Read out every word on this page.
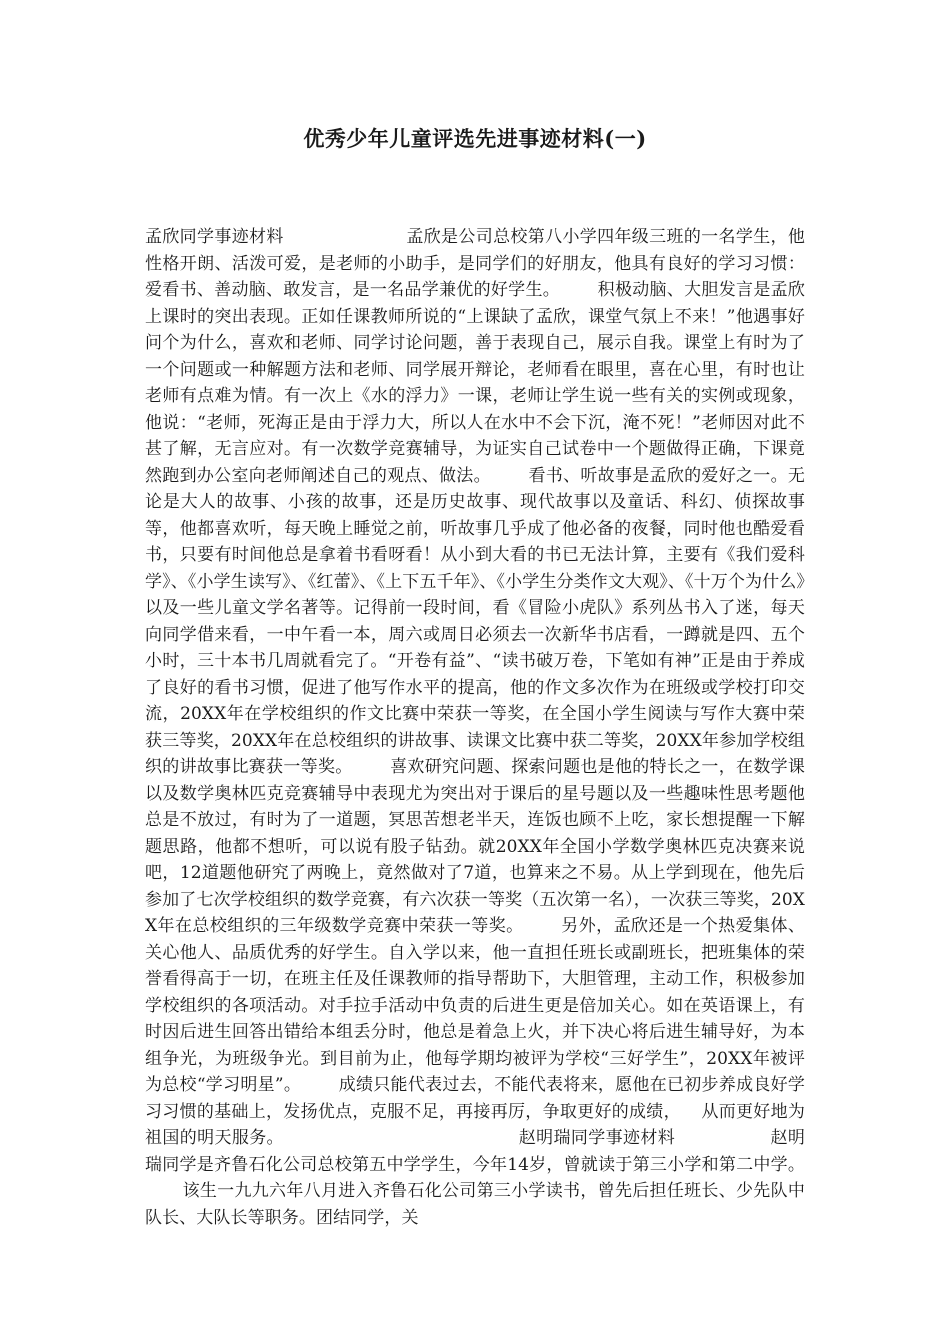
优秀少年儿童评选先进事迹材料(一)

孟欣同学事迹材料	孟欣是公司总校第八小学四年级三班的一名学生，他性格开朗、活泼可爱，是老师的小助手，是同学们的好朋友，他具有良好的学习习惯：爱看书、善动脑、敢发言，是一名品学兼优的好学生。 积极动脑、大胆发言是孟欣上课时的突出表现。正如任课教师所说的“上课缺了孟欣，课堂气氛上不来！”他遇事好问个为什么，喜欢和老师、同学讨论问题，善于表现自己，展示自我。课堂上有时为了一个问题或一种解题方法和老师、同学展开辩论，老师看在眼里，喜在心里，有时也让老师有点难为情。有一次上《水的浮力》一课，老师让学生说一些有关的实例或现象，他说：“老师，死海正是由于浮力大，所以人在水中不会下沉，淹不死！”老师因对此不甚了解，无言应对。有一次数学竞赛辅导，为证实自己试卷中一个题做得正确，下课竟然跑到办公室向老师阐述自己的观点、做法。 看书、听故事是孟欣的爱好之一。无论是大人的故事、小孩的故事，还是历史故事、现代故事以及童话、科幻、侦探故事等，他都喜欢听，每天晚上睡觉之前，听故事几乎成了他必备的夜餐，同时他也酷爱看书，只要有时间他总是拿着书看呀看！从小到大看的书已无法计算，主要有《我们爱科学》、《小学生读写》、《红蕾》、《上下五千年》、《小学生分类作文大观》、《十万个为什么》以及一些儿童文学名著等。记得前一段时间，看《冒险小虎队》系列丛书入了迷，每天向同学借来看，一中午看一本，周六或周日必须去一次新华书店看，一蹲就是四、五个小时，三十本书几周就看完了。“开卷有益”、“读书破万卷，下笔如有神”正是由于养成了良好的看书习惯，促进了他写作水平的提高，他的作文多次作为在班级或学校打印交流，20XX年在学校组织的作文比赛中荣获一等奖，在全国小学生阅读与写作大赛中荣获三等奖，20XX年在总校组织的讲故事、读课文比赛中获二等奖，20XX年参加学校组织的讲故事比赛获一等奖。 喜欢研究问题、探索问题也是他的特长之一，在数学课以及数学奥林匹克竞赛辅导中表现尤为突出对于课后的星号题以及一些趣味性思考题他总是不放过，有时为了一道题，冥思苦想老半天，连饭也顾不上吃，家长想提醒一下解题思路，他都不想听，可以说有股子钻劲。就20XX年全国小学数学奥林匹克决赛来说吧，12道题他研究了两晚上，竟然做对了7道，也算来之不易。从上学到现在，他先后参加了七次学校组织的数学竞赛，有六次获一等奖（五次第一名），一次获三等奖，20XX年在总校组织的三年级数学竞赛中荣获一等奖。 另外，孟欣还是一个热爱集体、关心他人、品质优秀的好学生。自入学以来，他一直担任班长或副班长，把班集体的荣誉看得高于一切，在班主任及任课教师的指导帮助下，大胆管理，主动工作，积极参加学校组织的各项活动。对手拉手活动中负责的后进生更是倍加关心。如在英语课上，有时因后进生回答出错给本组丢分时，他总是着急上火，并下决心将后进生辅导好，为本组争光，为班级争光。到目前为止，他每学期均被评为学校“三好学生”，20XX年被评为总校“学习明星”。 成绩只能代表过去，不能代表将来，愿他在已初步养成良好学习习惯的基础上，发扬优点，克服不足，再接再厉，争取更好的成绩， 从而更好地为祖国的明天服务。	赵明瑞同学事迹材料	赵明瑞同学是齐鲁石化公司总校第五中学学生，今年14岁，曾就读于第三小学和第二中学。该生一九九六年八月进入齐鲁石化公司第三小学读书，曾先后担任班长、少先队中队长、大队长等职务。团结同学，关
